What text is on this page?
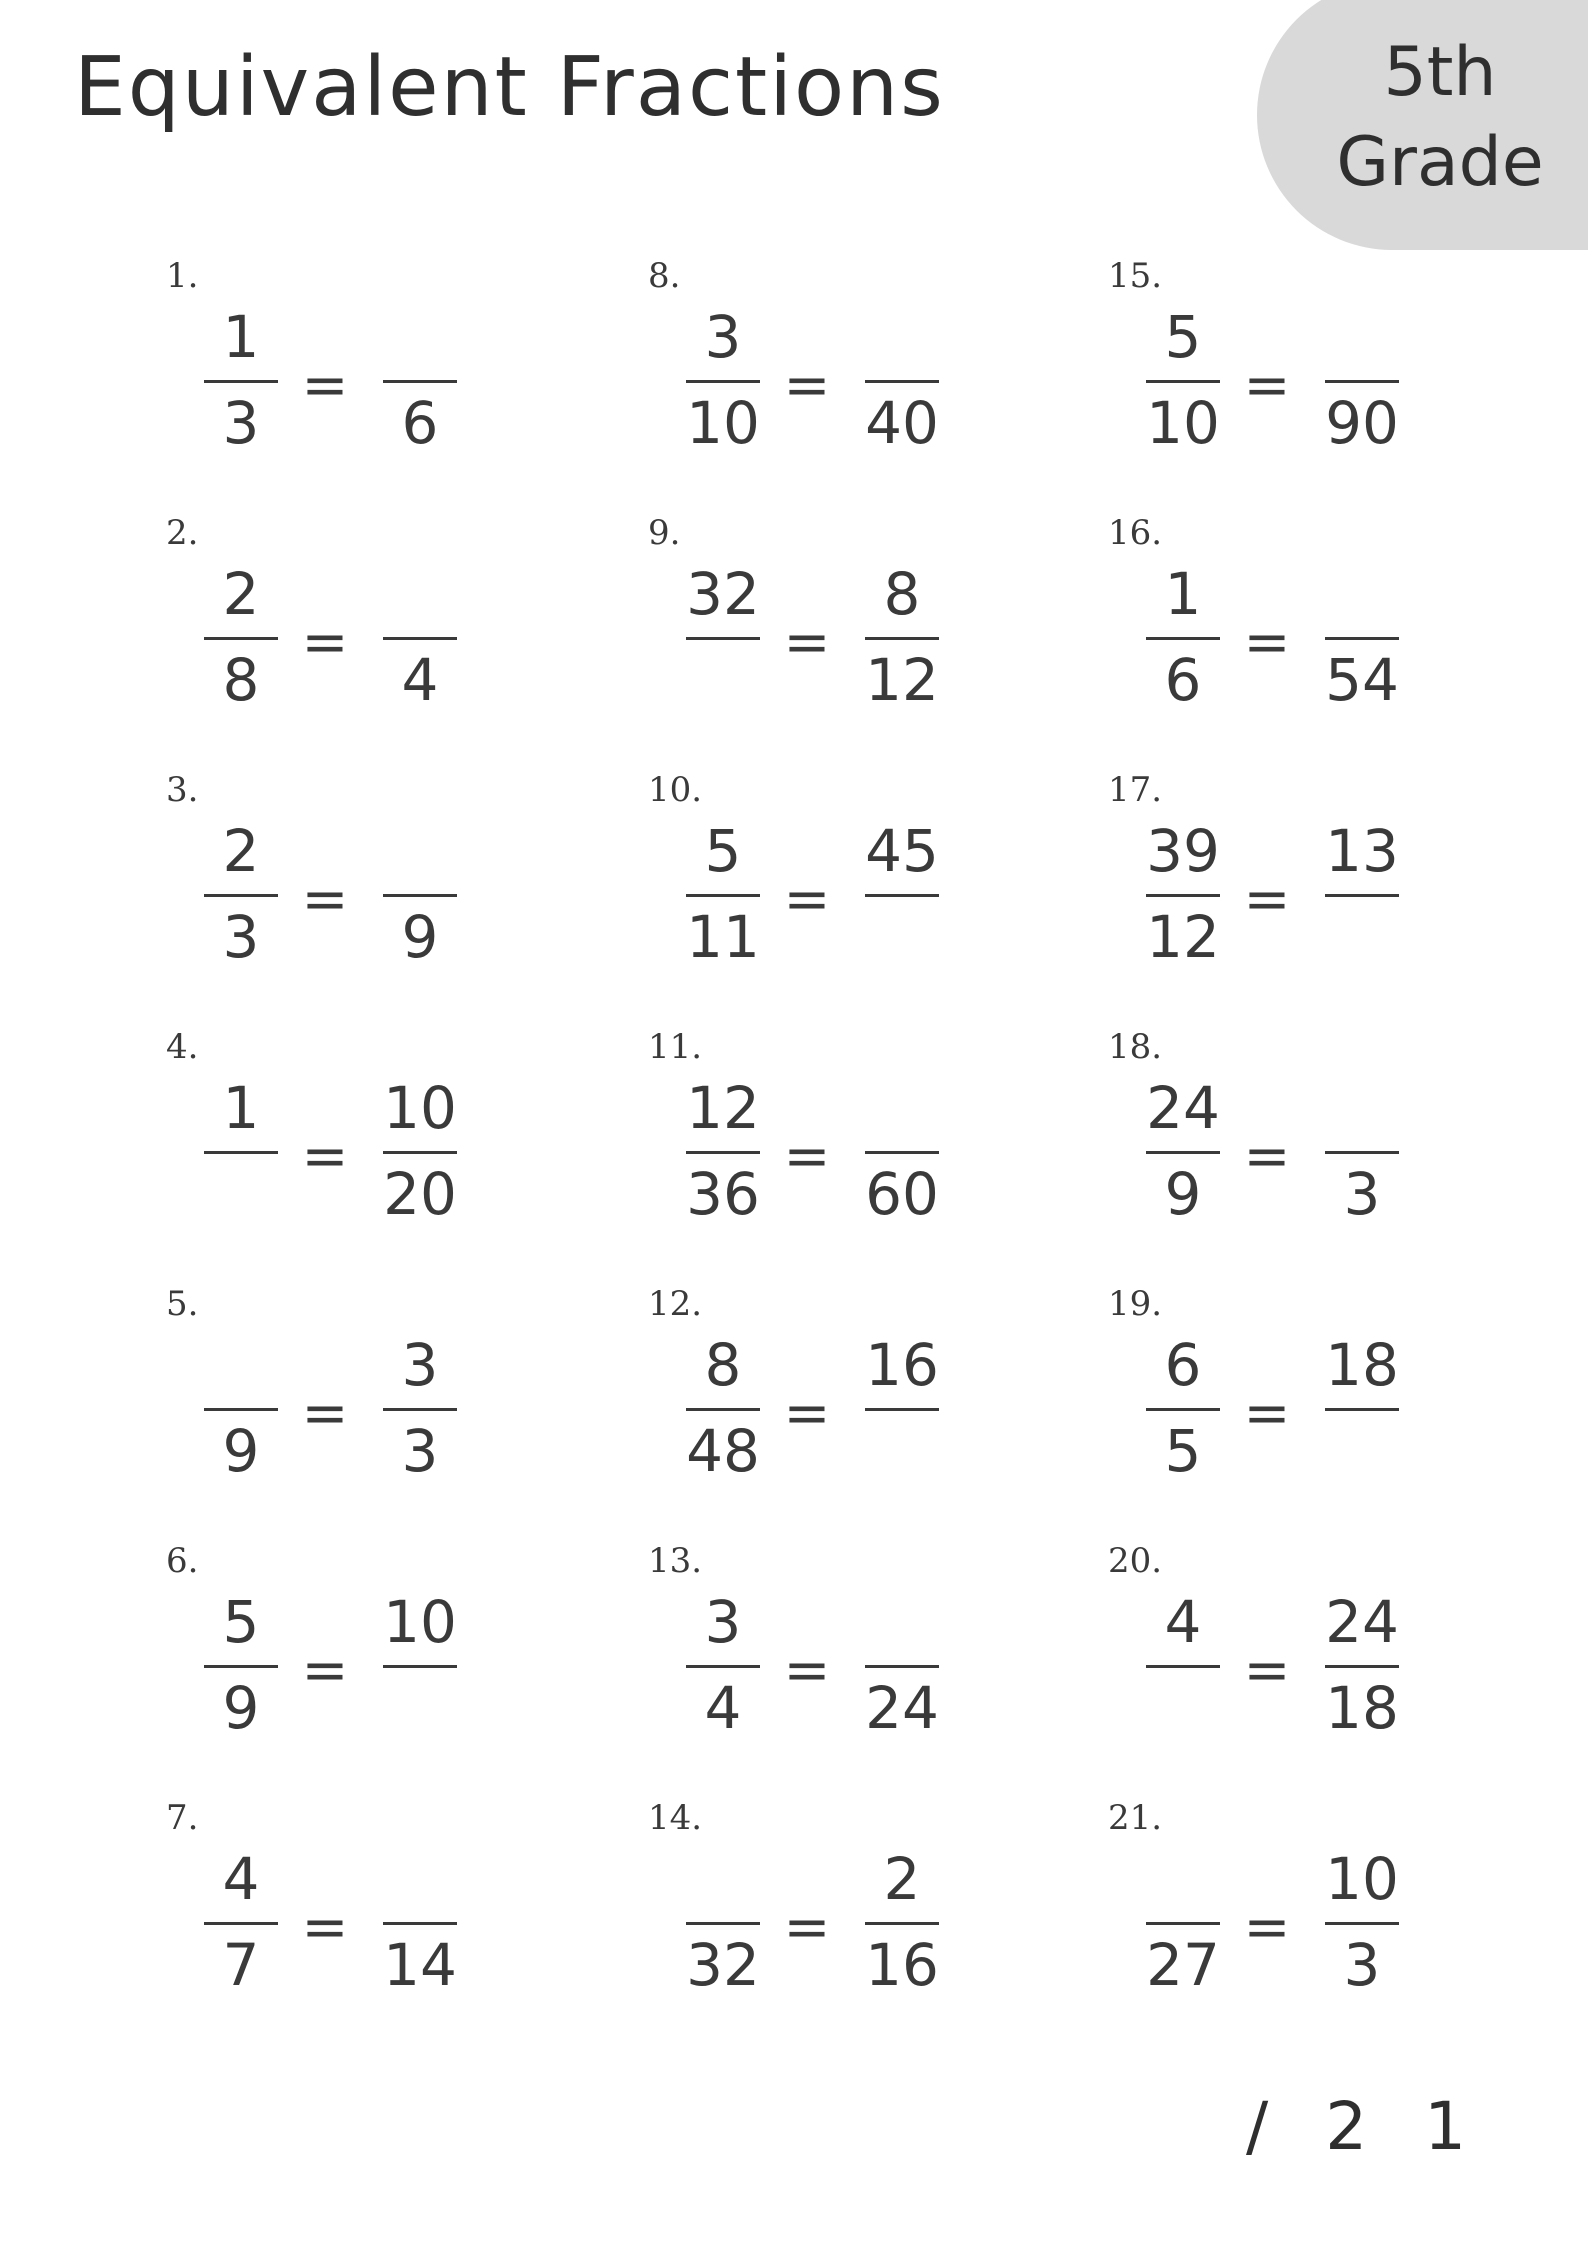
Equivalent Fractions	5th
Grade
1.
1
3
=
6
2.
2
8
=
4
3.
2
3
=
9
4.
1
=
10
20
5.
9
=
3
3
6.
5
9
=
10
7.
4
7
=
14
8.
3
10
=
40
9.
32
=
8
12
10.
5
11
=
45
11.
12
36
=
60
12.
8
48
=
16
13.
3
4
=
24
14.
32
=
2
16
15.
5
10
=
90
16.
1
6
=
54
17.
39
12
=
13
18.
24
9
=
3
19.
6
5
=
18
20.
4
=
24
18
21.
27
=
10
3
/ 2 1
